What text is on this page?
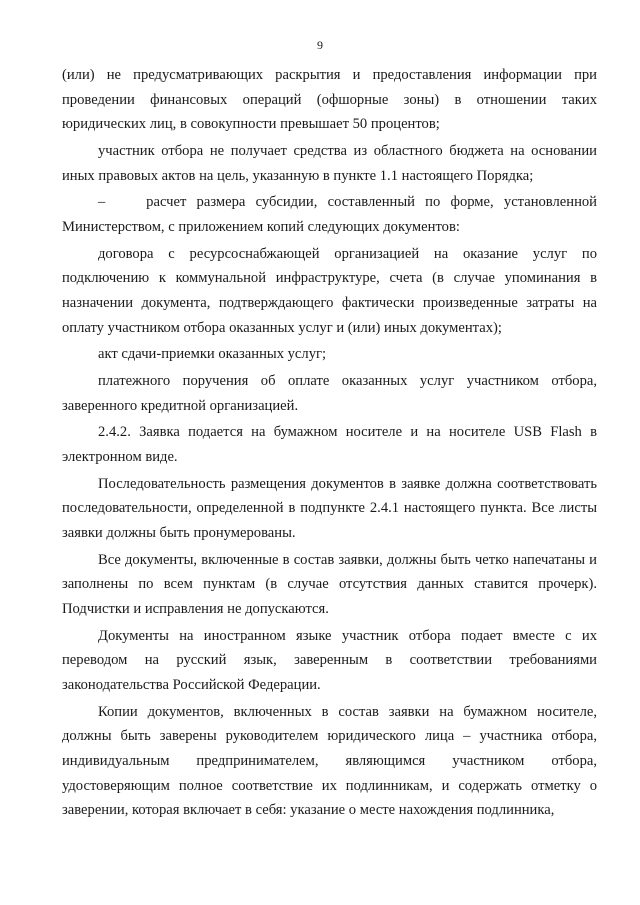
9

(или) не предусматривающих раскрытия и предоставления информации при проведении финансовых операций (офшорные зоны) в отношении таких юридических лиц, в совокупности превышает 50 процентов;

участник отбора не получает средства из областного бюджета на основании иных правовых актов на цель, указанную в пункте 1.1 настоящего Порядка;

–    расчет размера субсидии, составленный по форме, установленной Министерством, с приложением копий следующих документов:

договора с ресурсоснабжающей организацией на оказание услуг по подключению к коммунальной инфраструктуре, счета (в случае упоминания в назначении документа, подтверждающего фактически произведенные затраты на оплату участником отбора оказанных услуг и (или) иных документах);

акт сдачи-приемки оказанных услуг;

платежного поручения об оплате оказанных услуг участником отбора, заверенного кредитной организацией.

2.4.2. Заявка подается на бумажном носителе и на носителе USB Flash в электронном виде.

Последовательность размещения документов в заявке должна соответствовать последовательности, определенной в подпункте 2.4.1 настоящего пункта. Все листы заявки должны быть пронумерованы.

Все документы, включенные в состав заявки, должны быть четко напечатаны и заполнены по всем пунктам (в случае отсутствия данных ставится прочерк). Подчистки и исправления не допускаются.

Документы на иностранном языке участник отбора подает вместе с их переводом на русский язык, заверенным в соответствии требованиями законодательства Российской Федерации.

Копии документов, включенных в состав заявки на бумажном носителе, должны быть заверены руководителем юридического лица – участника отбора, индивидуальным предпринимателем, являющимся участником отбора, удостоверяющим полное соответствие их подлинникам, и содержать отметку о заверении, которая включает в себя: указание о месте нахождения подлинника,
